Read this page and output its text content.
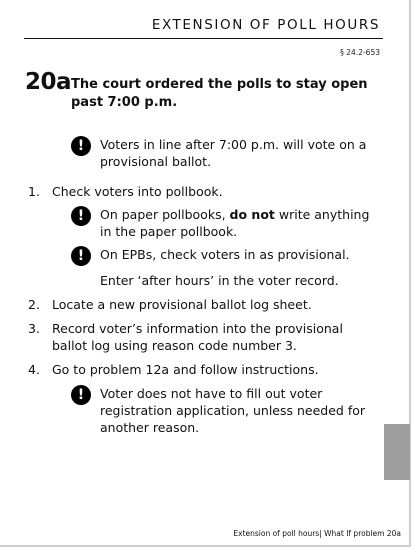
EXTENSION OF POLL HOURS
§ 24.2-653
20a The court ordered the polls to stay open past 7:00 p.m.
!	Voters in line after 7:00 p.m. will vote on a provisional ballot.
1. Check voters into pollbook.
!	On paper pollbooks, do not write anything in the paper pollbook.
!	On EPBs, check voters in as provisional.
Enter ‘after hours’ in the voter record.
2. Locate a new provisional ballot log sheet.
3. Record voter’s information into the provisional ballot log using reason code number 3.
4. Go to problem 12a and follow instructions.
!	Voter does not have to fill out voter registration application, unless needed for another reason.
Extension of poll hours| What If problem 20a
